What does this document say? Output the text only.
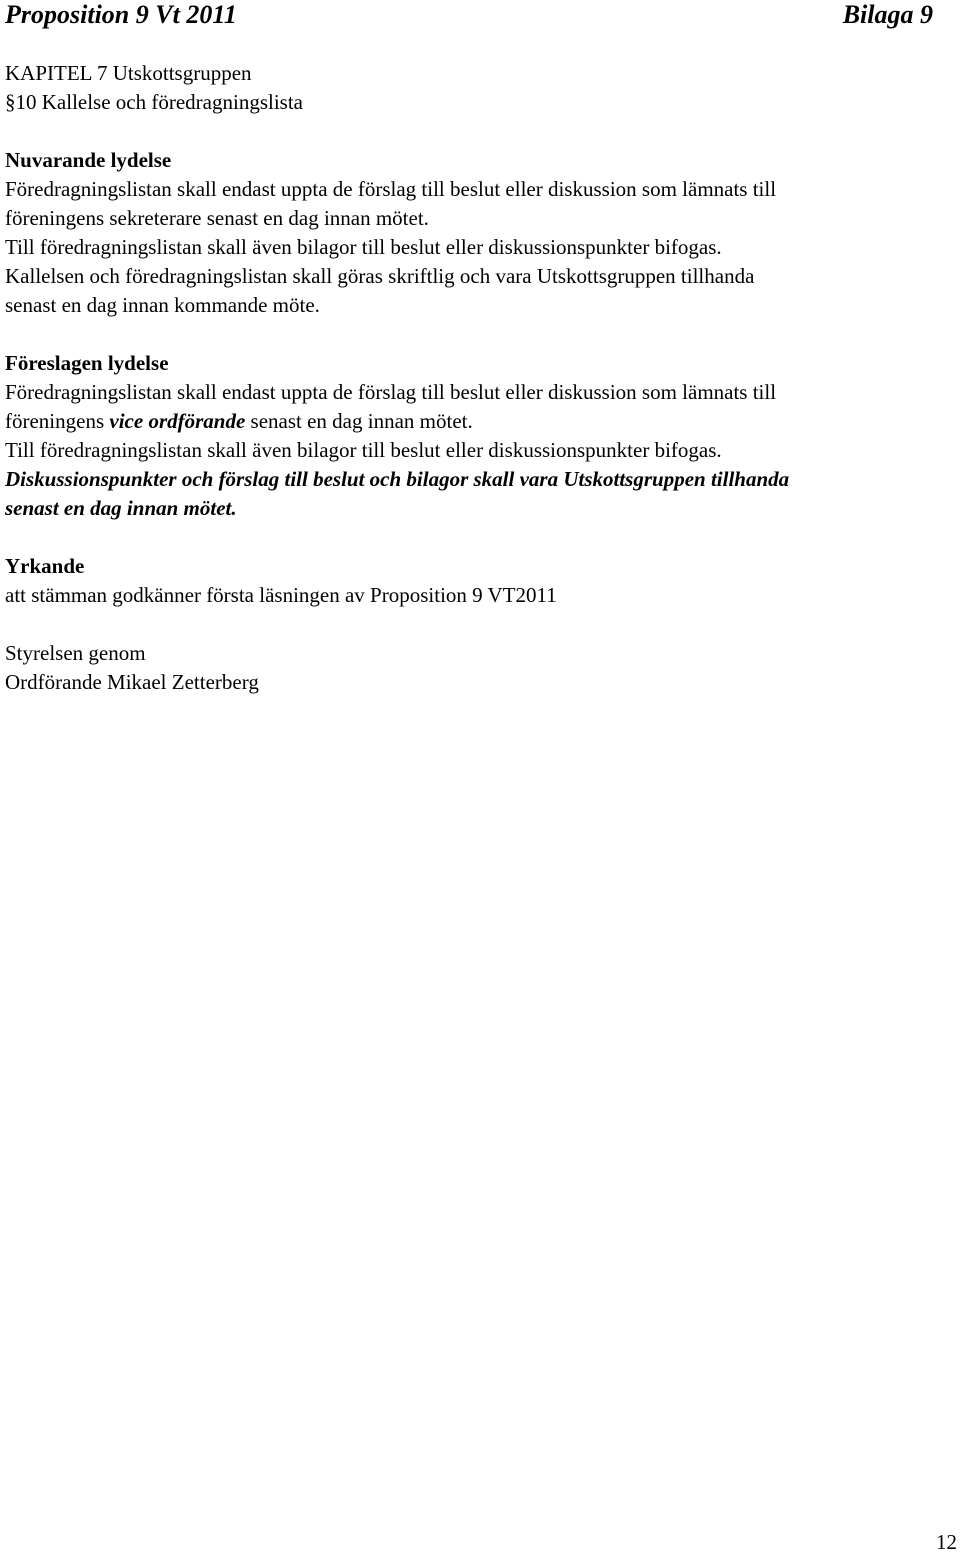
Proposition 9 Vt 2011	Bilaga 9
KAPITEL 7 Utskottsgruppen
§10 Kallelse och föredragningslista
Nuvarande lydelse
Föredragningslistan skall endast uppta de förslag till beslut eller diskussion som lämnats till
föreningens sekreterare senast en dag innan mötet.
Till föredragningslistan skall även bilagor till beslut eller diskussionspunkter bifogas.
Kallelsen och föredragningslistan skall göras skriftlig och vara Utskottsgruppen tillhanda
senast en dag innan kommande möte.
Föreslagen lydelse
Föredragningslistan skall endast uppta de förslag till beslut eller diskussion som lämnats till
föreningens vice ordförande senast en dag innan mötet.
Till föredragningslistan skall även bilagor till beslut eller diskussionspunkter bifogas.
Diskussionspunkter och förslag till beslut och bilagor skall vara Utskottsgruppen tillhanda
senast en dag innan mötet.
Yrkande
att stämman godkänner första läsningen av Proposition 9 VT2011
Styrelsen genom
Ordförande Mikael Zetterberg
12
